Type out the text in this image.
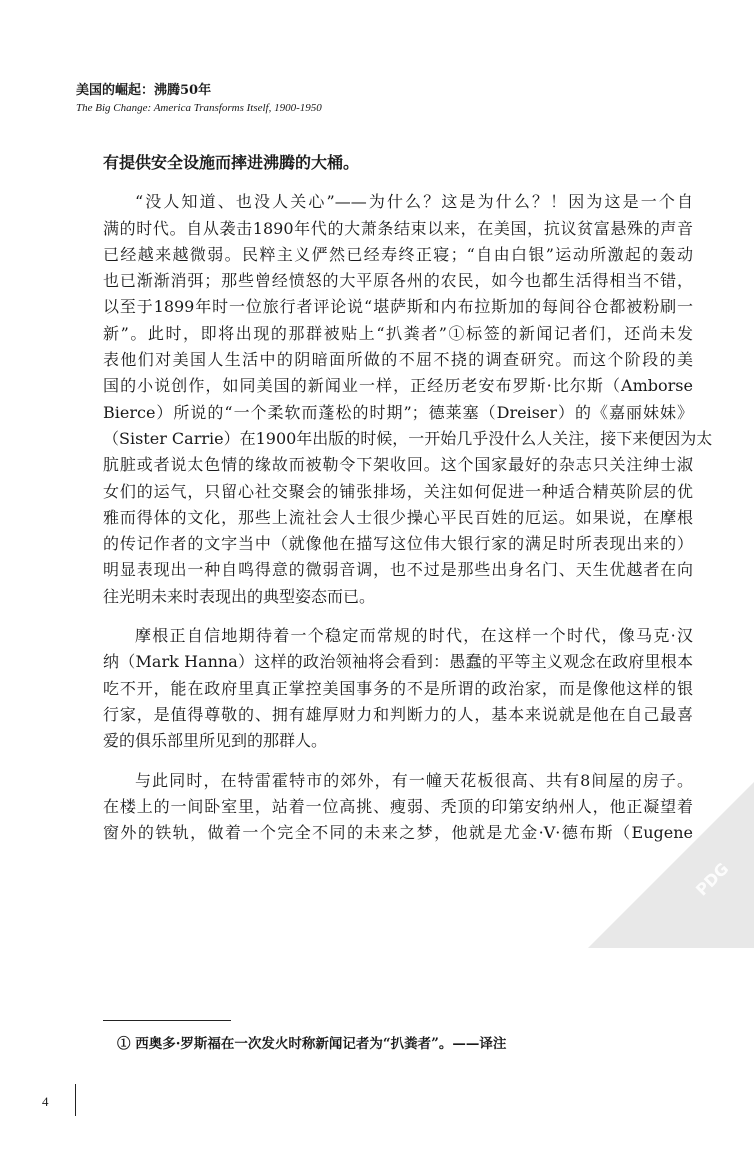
美国的崛起：沸腾50年
The Big Change: America Transforms Itself, 1900-1950
有提供安全设施而摔进沸腾的大桶。
“没人知道、也没人关心”——为什么？这是为什么？！因为这是一个自
满的时代。自从袭击1890年代的大萧条结束以来，在美国，抗议贫富悬殊的声音
已经越来越微弱。民粹主义俨然已经寿终正寝；“自由白银”运动所激起的轰动
也已渐渐消弭；那些曾经愤怒的大平原各州的农民，如今也都生活得相当不错，
以至于1899年时一位旅行者评论说“堪萨斯和内布拉斯加的每间谷仓都被粉刷一
新”。此时，即将出现的那群被贴上“扒粪者”①标签的新闻记者们，还尚未发
表他们对美国人生活中的阴暗面所做的不屈不挠的调查研究。而这个阶段的美
国的小说创作，如同美国的新闻业一样，正经历老安布罗斯·比尔斯（Amborse
Bierce）所说的“一个柔软而蓬松的时期”；德莱塞（Dreiser）的《嘉丽妹妹》
（Sister Carrie）在1900年出版的时候，一开始几乎没什么人关注，接下来便因为太
肮脏或者说太色情的缘故而被勒令下架收回。这个国家最好的杂志只关注绅士淑
女们的运气，只留心社交聚会的铺张排场，关注如何促进一种适合精英阶层的优
雅而得体的文化，那些上流社会人士很少操心平民百姓的厄运。如果说，在摩根
的传记作者的文字当中（就像他在描写这位伟大银行家的满足时所表现出来的）
明显表现出一种自鸣得意的微弱音调，也不过是那些出身名门、天生优越者在向
往光明未来时表现出的典型姿态而已。
摩根正自信地期待着一个稳定而常规的时代，在这样一个时代，像马克·汉
纳（Mark Hanna）这样的政治领袖将会看到：愚蠢的平等主义观念在政府里根本
吃不开，能在政府里真正掌控美国事务的不是所谓的政治家，而是像他这样的银
行家，是值得尊敬的、拥有雄厚财力和判断力的人，基本来说就是他在自己最喜
爱的俱乐部里所见到的那群人。
与此同时，在特雷霍特市的郊外，有一幢天花板很高、共有8间屋的房子。
在楼上的一间卧室里，站着一位高挑、瘦弱、秃顶的印第安纳州人，他正凝望着
窗外的铁轨，做着一个完全不同的未来之梦，他就是尤金·V·德布斯（Eugene
PDG
① 西奥多·罗斯福在一次发火时称新闻记者为“扒粪者”。——译注
4
